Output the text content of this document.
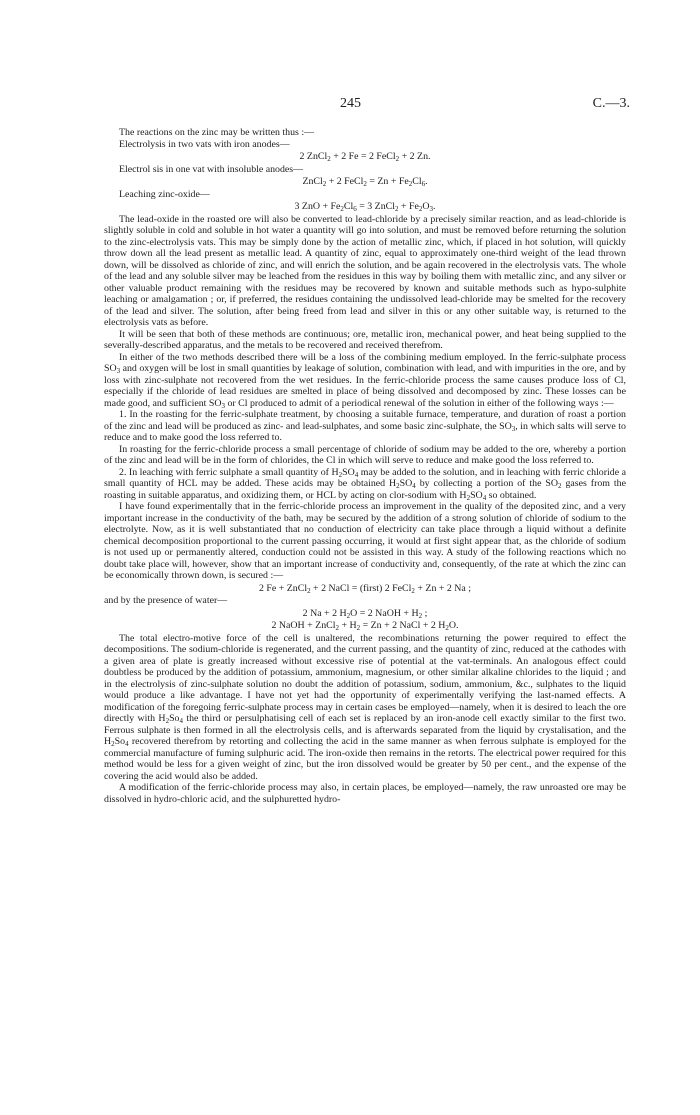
245	C.—3.

The reactions on the zinc may be written thus :—

Electrolysis in two vats with iron anodes—

2 ZnCl$_2$ + 2 Fe = 2 FeCl$_2$ + 2 Zn.

Electrol sis in one vat with insoluble anodes—

ZnCl$_2$ + 2 FeCl$_2$ = $Zn + Fe_2Cl_6$.

Leaching zinc-oxide—

3 ZnO + $Fe_2Cl_6 = 3$ ZnCl$_2$ + $Fe_2O_3$.

The lead-oxide in the roasted ore will also be converted to lead-chloride by a precisely similar reaction, and as lead-chloride is slightly soluble in cold and soluble in hot water a quantity will go into solution, and must be removed before returning the solution to the zinc-electrolysis vats. This may be simply done by the action of metallic zinc, which, if placed in hot solution, will quickly throw down all the lead present as metallic lead. A quantity of zinc, equal to approximately one-third weight of the lead thrown down, will be dissolved as chloride of zinc, and will enrich the solution, and be again recovered in the electrolysis vats. The whole of the lead and any soluble silver may be leached from the residues in this way by boiling them with metallic zinc, and any silver or other valuable product remaining with the residues may be recovered by known and suitable methods such as hypo-sulphite leaching or amalgamation ; or, if preferred, the residues containing the undissolved lead-chloride may be smelted for the recovery of the lead and silver. The solution, after being freed from lead and silver in this or any other suitable way, is returned to the electrolysis vats as before.

It will be seen that both of these methods are continuous; ore, metallic iron, mechanical power, and heat being supplied to the severally-described apparatus, and the metals to be recovered and received therefrom.

In either of the two methods described there will be a loss of the combining medium employed. In the ferric-sulphate process $SO_3$ and oxygen will be lost in small quantities by leakage of solution, combination with lead, and with impurities in the ore, and by loss with zinc-sulphate not recovered from the wet residues. In the ferric-chloride process the same causes produce loss of Cl, especially if the chloride of lead residues are smelted in place of being dissolved and decomposed by zinc. These losses can be made good, and sufficient $SO_3$ or Cl produced to admit of a periodical renewal of the solution in either of the following ways :—

1. In the roasting for the ferric-sulphate treatment, by choosing a suitable furnace, temperature, and duration of roast a portion of the zinc and lead will be produced as zinc- and lead-sulphates, and some basic zinc-sulphate, the $SO_3$, in which salts will serve to reduce and to make good the loss referred to.

In roasting for the ferric-chloride process a small percentage of chloride of sodium may be added to the ore, whereby a portion of the zinc and lead will be in the form of chlorides, the Cl in which will serve to reduce and make good the loss referred to.

2. In leaching with ferric sulphate a small quantity of $H_2SO_4$ may be added to the solution, and in leaching with ferric chloride a small quantity of HCL may be added. These acids may be obtained $H_2SO_4$ by collecting a portion of the $SO_2$ gases from the roasting in suitable apparatus, and oxidizing them, or HCL by acting on clor-sodium with $H_2SO_4$ so obtained.

I have found experimentally that in the ferric-chloride process an improvement in the quality of the deposited zinc, and a very important increase in the conductivity of the bath, may be secured by the addition of a strong solution of chloride of sodium to the electrolyte. Now, as it is well substantiated that no conduction of electricity can take place through a liquid without a definite chemical decomposition proportional to the current passing occurring, it would at first sight appear that, as the chloride of sodium is not used up or permanently altered, conduction could not be assisted in this way. A study of the following reactions which no doubt take place will, however, show that an important increase of conductivity and, consequently, of the rate at which the zinc can be economically thrown down, is secured :—

2 Fe + ZnCl$_2$ + 2 NaCl = (first) 2 FeCl$_2$ + Zn + 2 Na ;

and by the presence of water—

2 Na + 2 $H_2O = 2$ NaOH + $H_2$ ;
2 NaOH + ZnCl$_2$ + $H_2 = Zn + 2$ NaCl + 2 $H_2O$.

The total electro-motive force of the cell is unaltered, the recombinations returning the power required to effect the decompositions. The sodium-chloride is regenerated, and the current passing, and the quantity of zinc, reduced at the cathodes with a given area of plate is greatly increased without excessive rise of potential at the vat-terminals. An analogous effect could doubtless be produced by the addition of potassium, ammonium, magnesium, or other similar alkaline chlorides to the liquid ; and in the electrolysis of zinc-sulphate solution no doubt the addition of potassium, sodium, ammonium, &c., sulphates to the liquid would produce a like advantage. I have not yet had the opportunity of experimentally verifying the last-named effects. A modification of the foregoing ferric-sulphate process may in certain cases be employed—namely, when it is desired to leach the ore directly with $H_2So_4$ the third or persulphatising cell of each set is replaced by an iron-anode cell exactly similar to the first two. Ferrous sulphate is then formed in all the electrolysis cells, and is afterwards separated from the liquid by crystalisation, and the $H_2So_4$ recovered therefrom by retorting and collecting the acid in the same manner as when ferrous sulphate is employed for the commercial manufacture of fuming sulphuric acid. The iron-oxide then remains in the retorts. The electrical power required for this method would be less for a given weight of zinc, but the iron dissolved would be greater by 50 per cent., and the expense of the covering the acid would also be added.

A modification of the ferric-chloride process may also, in certain places, be employed—namely, the raw unroasted ore may be dissolved in hydro-chloric acid, and the sulphuretted hydro-
